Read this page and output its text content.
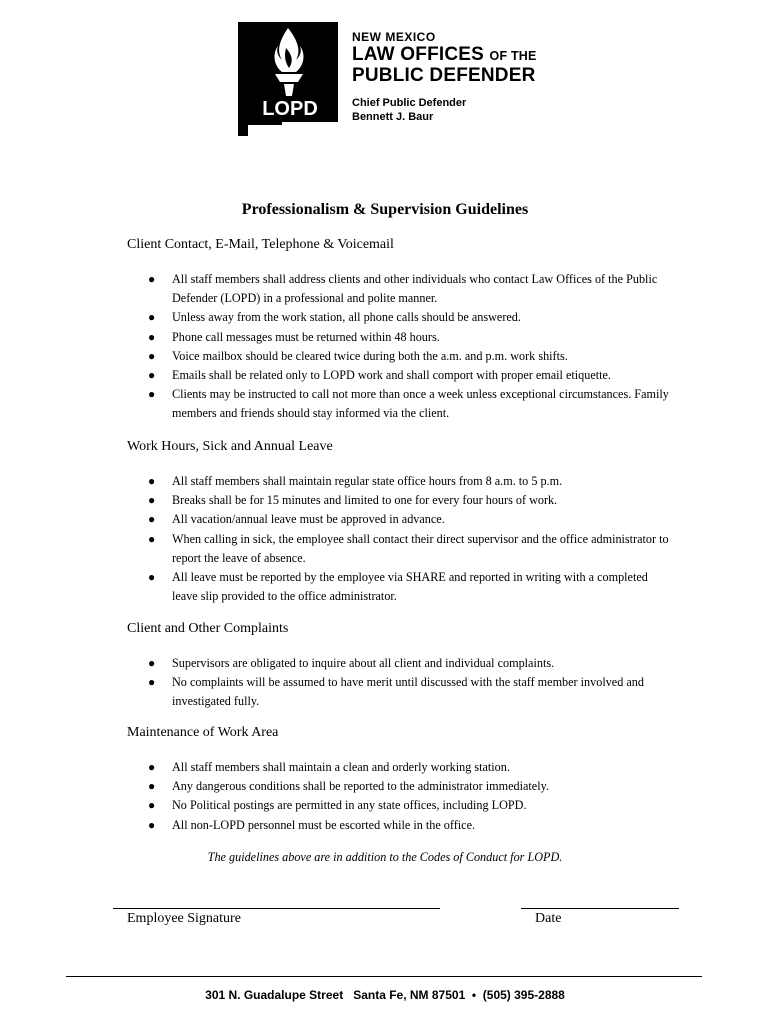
LOPD
NEW MEXICO
LAW OFFICES OF THE
PUBLIC DEFENDER
Chief Public Defender
Bennett J. Baur
Professionalism & Supervision Guidelines
Client Contact, E-Mail, Telephone & Voicemail
● All staff members shall address clients and other individuals who contact Law Offices of the Public Defender (LOPD) in a professional and polite manner.
● Unless away from the work station, all phone calls should be answered.
● Phone call messages must be returned within 48 hours.
● Voice mailbox should be cleared twice during both the a.m. and p.m. work shifts.
● Emails shall be related only to LOPD work and shall comport with proper email etiquette.
● Clients may be instructed to call not more than once a week unless exceptional circumstances. Family members and friends should stay informed via the client.
Work Hours, Sick and Annual Leave
● All staff members shall maintain regular state office hours from 8 a.m. to 5 p.m.
● Breaks shall be for 15 minutes and limited to one for every four hours of work.
● All vacation/annual leave must be approved in advance.
● When calling in sick, the employee shall contact their direct supervisor and the office administrator to report the leave of absence.
● All leave must be reported by the employee via SHARE and reported in writing with a completed leave slip provided to the office administrator.
Client and Other Complaints
● Supervisors are obligated to inquire about all client and individual complaints.
● No complaints will be assumed to have merit until discussed with the staff member involved and investigated fully.
Maintenance of Work Area
● All staff members shall maintain a clean and orderly working station.
● Any dangerous conditions shall be reported to the administrator immediately.
● No Political postings are permitted in any state offices, including LOPD.
● All non-LOPD personnel must be escorted while in the office.
The guidelines above are in addition to the Codes of Conduct for LOPD.
Employee Signature	Date
301 N. Guadalupe Street   Santa Fe, NM 87501  •  (505) 395-2888
